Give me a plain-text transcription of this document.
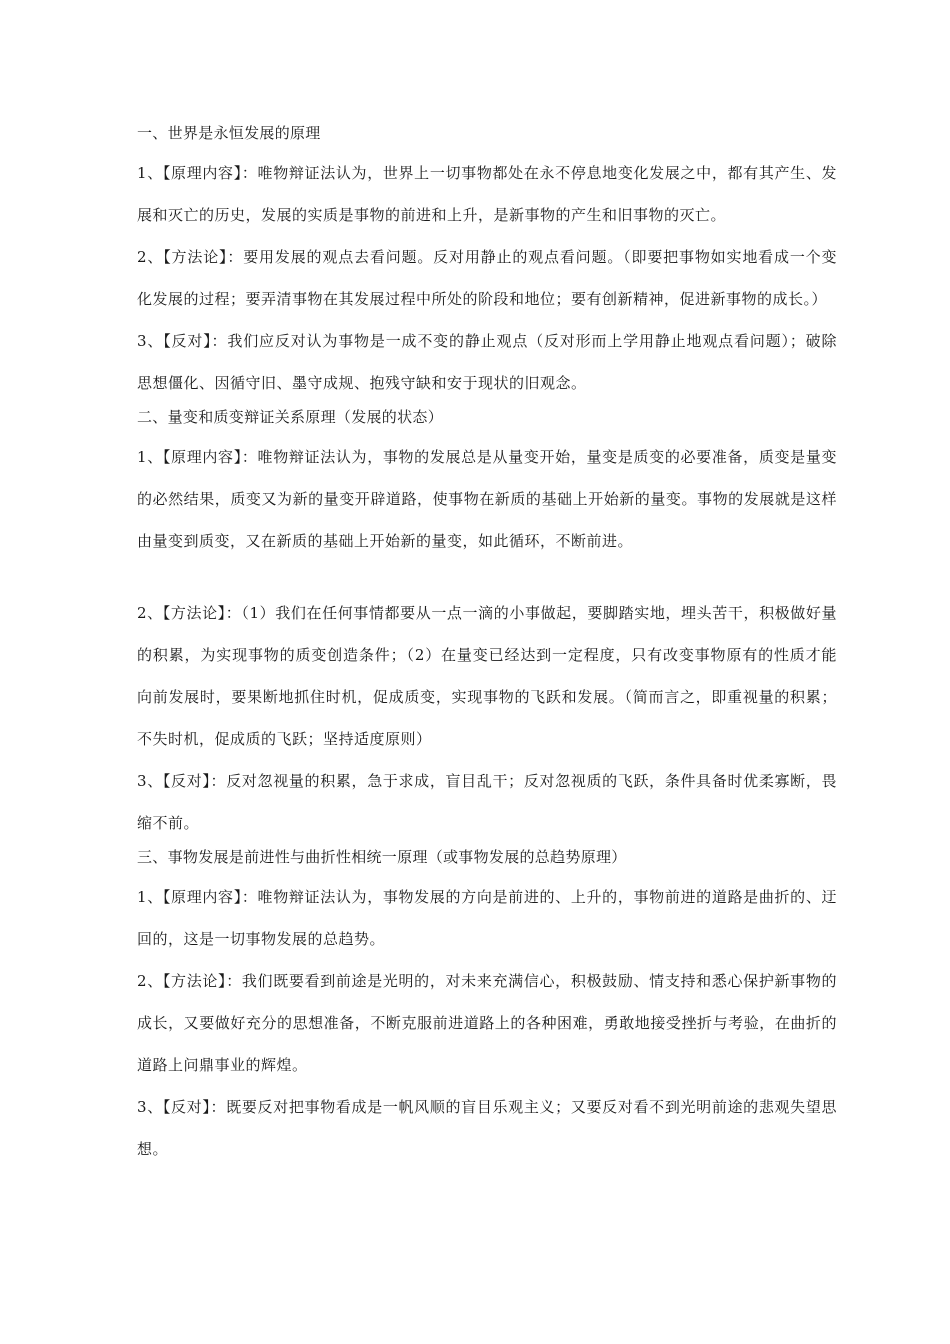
一、世界是永恒发展的原理

1、【原理内容】：唯物辩证法认为，世界上一切事物都处在永不停息地变化发展之中，都有其产生、发展和灭亡的历史，发展的实质是事物的前进和上升，是新事物的产生和旧事物的灭亡。

2、【方法论】：要用发展的观点去看问题。反对用静止的观点看问题。（即要把事物如实地看成一个变化发展的过程；要弄清事物在其发展过程中所处的阶段和地位；要有创新精神，促进新事物的成长。）

3、【反对】：我们应反对认为事物是一成不变的静止观点（反对形而上学用静止地观点看问题）；破除思想僵化、因循守旧、墨守成规、抱残守缺和安于现状的旧观念。

二、量变和质变辩证关系原理（发展的状态）

1、【原理内容】：唯物辩证法认为，事物的发展总是从量变开始，量变是质变的必要准备，质变是量变的必然结果，质变又为新的量变开辟道路，使事物在新质的基础上开始新的量变。事物的发展就是这样由量变到质变，又在新质的基础上开始新的量变，如此循环，不断前进。

2、【方法论】：（1）我们在任何事情都要从一点一滴的小事做起，要脚踏实地，埋头苦干，积极做好量的积累，为实现事物的质变创造条件；（2）在量变已经达到一定程度，只有改变事物原有的性质才能向前发展时，要果断地抓住时机，促成质变，实现事物的飞跃和发展。（简而言之，即重视量的积累；不失时机，促成质的飞跃；坚持适度原则）

3、【反对】：反对忽视量的积累，急于求成，盲目乱干；反对忽视质的飞跃，条件具备时优柔寡断，畏缩不前。

三、事物发展是前进性与曲折性相统一原理（或事物发展的总趋势原理）

1、【原理内容】：唯物辩证法认为，事物发展的方向是前进的、上升的，事物前进的道路是曲折的、迂回的，这是一切事物发展的总趋势。

2、【方法论】：我们既要看到前途是光明的，对未来充满信心，积极鼓励、情支持和悉心保护新事物的成长，又要做好充分的思想准备，不断克服前进道路上的各种困难，勇敢地接受挫折与考验，在曲折的道路上问鼎事业的辉煌。

3、【反对】：既要反对把事物看成是一帆风顺的盲目乐观主义；又要反对看不到光明前途的悲观失望思想。
